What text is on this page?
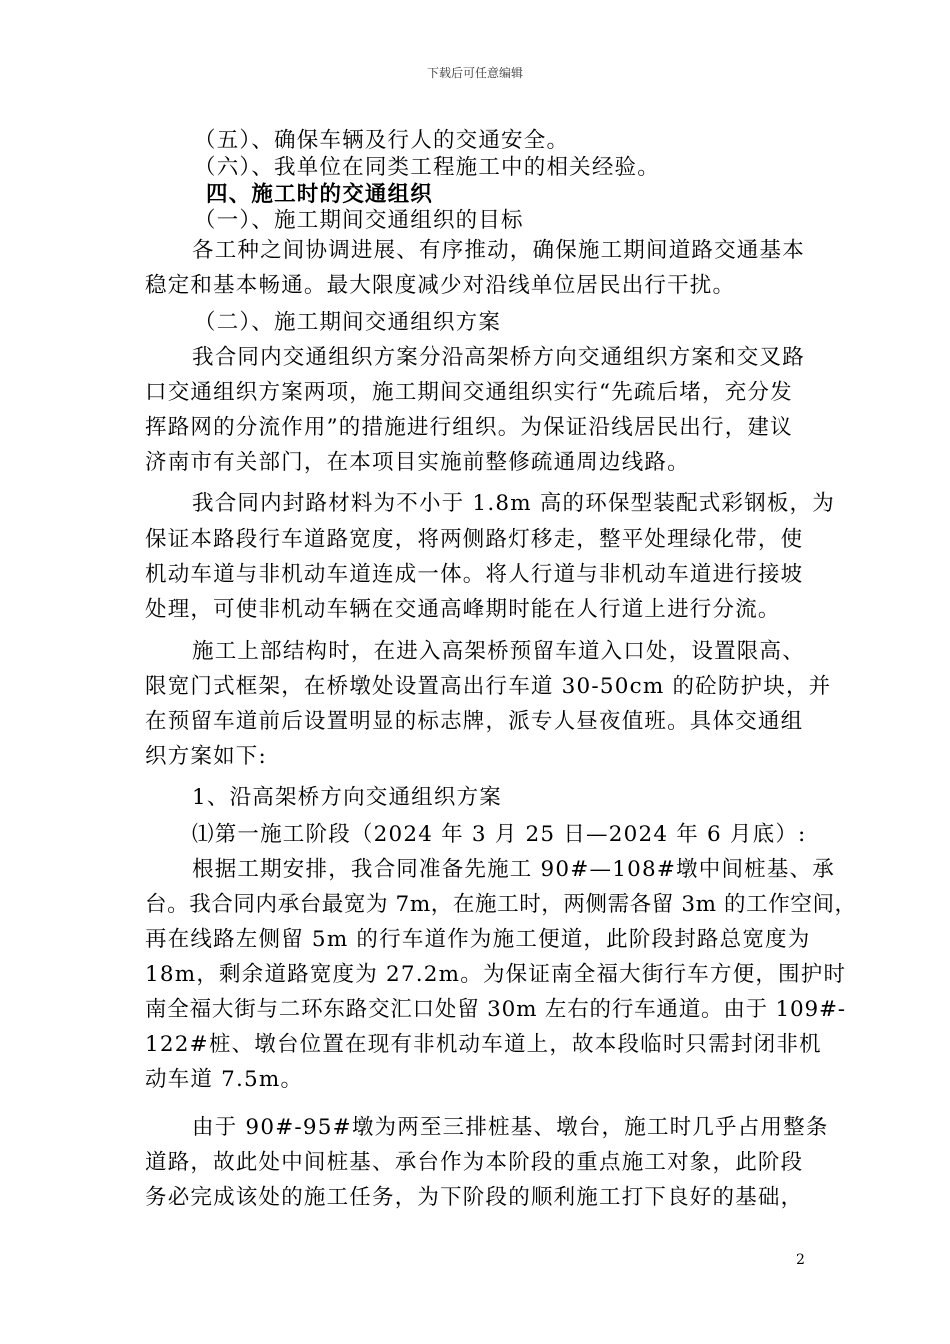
下载后可任意编辑
（五）、确保车辆及行人的交通安全。
（六）、我单位在同类工程施工中的相关经验。
四、施工时的交通组织
（一）、施工期间交通组织的目标
各工种之间协调进展、有序推动，确保施工期间道路交通基本
稳定和基本畅通。最大限度减少对沿线单位居民出行干扰。
（二）、施工期间交通组织方案
我合同内交通组织方案分沿高架桥方向交通组织方案和交叉路
口交通组织方案两项，施工期间交通组织实行“先疏后堵，充分发
挥路网的分流作用”的措施进行组织。为保证沿线居民出行，建议
济南市有关部门，在本项目实施前整修疏通周边线路。
我合同内封路材料为不小于 1.8m 高的环保型装配式彩钢板，为
保证本路段行车道路宽度，将两侧路灯移走，整平处理绿化带，使
机动车道与非机动车道连成一体。将人行道与非机动车道进行接坡
处理，可使非机动车辆在交通高峰期时能在人行道上进行分流。
施工上部结构时，在进入高架桥预留车道入口处，设置限高、
限宽门式框架，在桥墩处设置高出行车道 30-50cm 的砼防护块，并
在预留车道前后设置明显的标志牌，派专人昼夜值班。具体交通组
织方案如下:
1、沿高架桥方向交通组织方案
⑴第一施工阶段（2024 年 3 月 25 日—2024 年 6 月底）:
根据工期安排，我合同准备先施工 90#—108#墩中间桩基、承
台。我合同内承台最宽为 7m，在施工时，两侧需各留 3m 的工作空间，
再在线路左侧留 5m 的行车道作为施工便道，此阶段封路总宽度为
18m，剩余道路宽度为 27.2m。为保证南全福大街行车方便，围护时
南全福大街与二环东路交汇口处留 30m 左右的行车通道。由于 109#-
122#桩、墩台位置在现有非机动车道上，故本段临时只需封闭非机
动车道 7.5m。
由于 90#-95#墩为两至三排桩基、墩台，施工时几乎占用整条
道路，故此处中间桩基、承台作为本阶段的重点施工对象，此阶段
务必完成该处的施工任务，为下阶段的顺利施工打下良好的基础，
2
